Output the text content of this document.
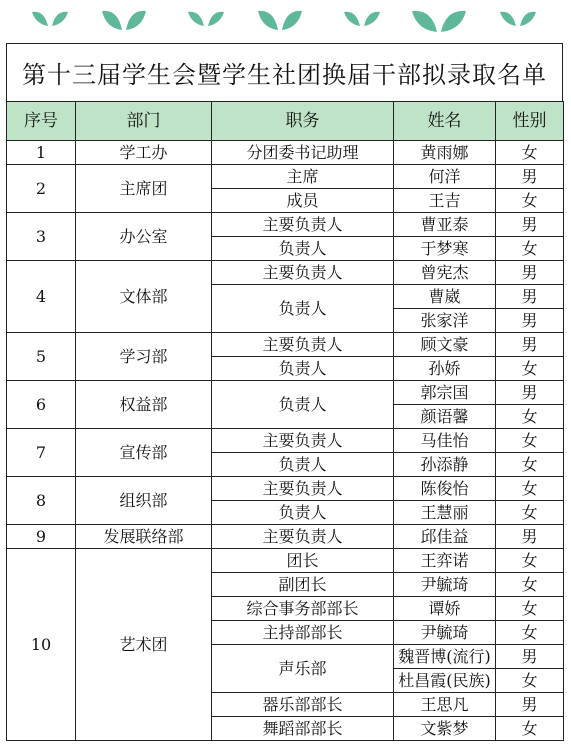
第十三届学生会暨学生社团换届干部拟录取名单
序号	部门	职务	姓名	性别
1	学工办	分团委书记助理	黄雨娜	女
2	主席团	主席	何洋	男
		成员	王吉	女
3	办公室	主要负责人	曹亚泰	男
		负责人	于梦寒	女
4	文体部	主要负责人	曾宪杰	男
		负责人	曹崴	男
			张家洋	男
5	学习部	主要负责人	顾文豪	男
		负责人	孙娇	女
6	权益部	负责人	郭宗国	男
			颜语馨	女
7	宣传部	主要负责人	马佳怡	女
		负责人	孙添静	女
8	组织部	主要负责人	陈俊怡	女
		负责人	王慧丽	女
9	发展联络部	主要负责人	邱佳益	男
10	艺术团	团长	王弈诺	女
		副团长	尹毓琦	女
		综合事务部部长	谭娇	女
		主持部部长	尹毓琦	女
		声乐部	魏晋博(流行)	男
			杜昌霞(民族)	女
		器乐部部长	王思凡	男
		舞蹈部部长	文紫梦	女
